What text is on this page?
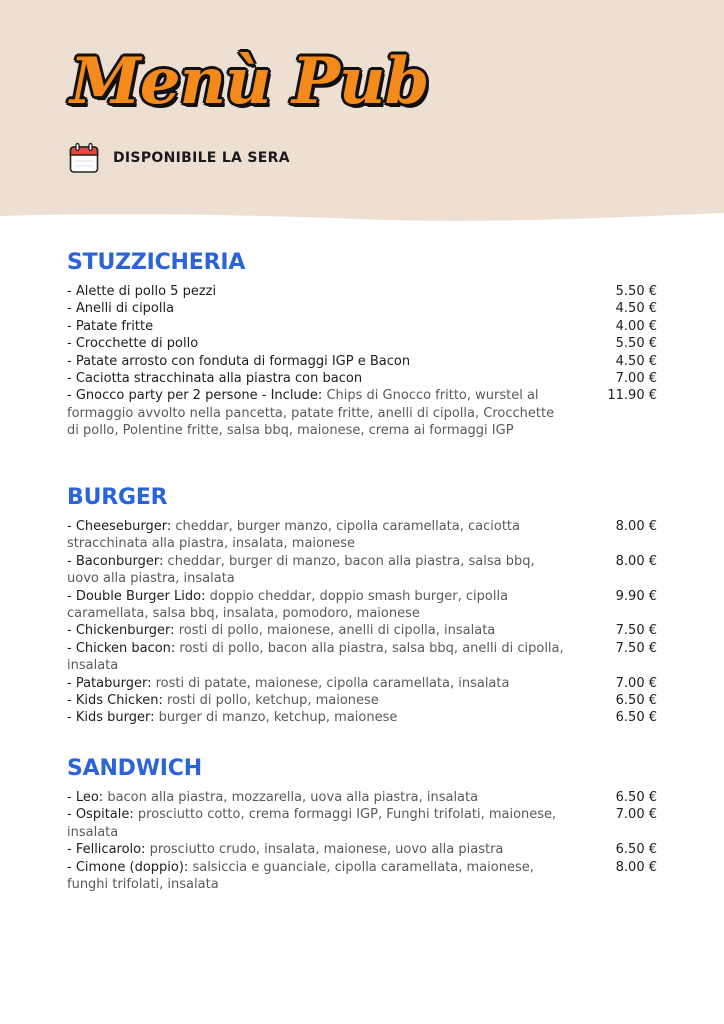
Menù Pub
DISPONIBILE LA SERA
STUZZICHERIA
- Alette di pollo 5 pezzi	5.50 €
- Anelli di cipolla	4.50 €
- Patate fritte	4.00 €
- Crocchette di pollo	5.50 €
- Patate arrosto con fonduta di formaggi IGP e Bacon	4.50 €
- Caciotta stracchinata alla piastra con bacon	7.00 €
- Gnocco party per 2 persone - Include: Chips di Gnocco fritto, wurstel al formaggio avvolto nella pancetta, patate fritte, anelli di cipolla, Crocchette di pollo, Polentine fritte, salsa bbq, maionese, crema ai formaggi IGP
11.90 €
BURGER
- Cheeseburger: cheddar, burger manzo, cipolla caramellata, caciotta stracchinata alla piastra, insalata, maionese
8.00 €
- Baconburger: cheddar, burger di manzo, bacon alla piastra, salsa bbq, uovo alla piastra, insalata
8.00 €
- Double Burger Lido: doppio cheddar, doppio smash burger, cipolla caramellata, salsa bbq, insalata, pomodoro, maionese
9.90 €
- Chickenburger: rosti di pollo, maionese, anelli di cipolla, insalata	7.50 €
- Chicken bacon: rosti di pollo, bacon alla piastra, salsa bbq, anelli di cipolla, insalata
7.50 €
- Pataburger: rosti di patate, maionese, cipolla caramellata, insalata	7.00 €
- Kids Chicken: rosti di pollo, ketchup, maionese	6.50 €
- Kids burger: burger di manzo, ketchup, maionese	6.50 €
SANDWICH
- Leo: bacon alla piastra, mozzarella, uova alla piastra, insalata	6.50 €
- Ospitale: prosciutto cotto, crema formaggi IGP, Funghi trifolati, maionese, insalata
7.00 €
- Fellicarolo: prosciutto crudo, insalata, maionese, uovo alla piastra	6.50 €
- Cimone (doppio): salsiccia e guanciale, cipolla caramellata, maionese, funghi trifolati, insalata
8.00 €
